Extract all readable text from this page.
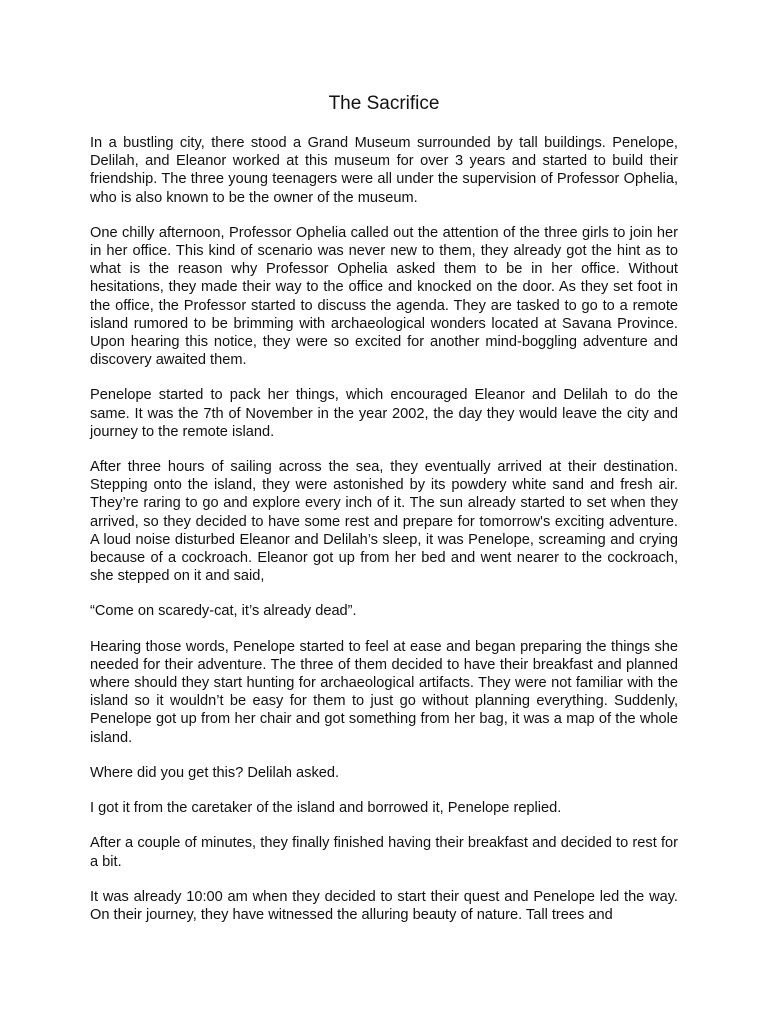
The Sacrifice

In a bustling city, there stood a Grand Museum surrounded by tall buildings. Penelope, Delilah, and Eleanor worked at this museum for over 3 years and started to build their friendship. The three young teenagers were all under the supervision of Professor Ophelia, who is also known to be the owner of the museum.

One chilly afternoon, Professor Ophelia called out the attention of the three girls to join her in her office. This kind of scenario was never new to them, they already got the hint as to what is the reason why Professor Ophelia asked them to be in her office. Without hesitations, they made their way to the office and knocked on the door. As they set foot in the office, the Professor started to discuss the agenda. They are tasked to go to a remote island rumored to be brimming with archaeological wonders located at Savana Province. Upon hearing this notice, they were so excited for another mind-boggling adventure and discovery awaited them.

Penelope started to pack her things, which encouraged Eleanor and Delilah to do the same. It was the 7th of November in the year 2002, the day they would leave the city and journey to the remote island.

After three hours of sailing across the sea, they eventually arrived at their destination. Stepping onto the island, they were astonished by its powdery white sand and fresh air. They’re raring to go and explore every inch of it. The sun already started to set when they arrived, so they decided to have some rest and prepare for tomorrow's exciting adventure. A loud noise disturbed Eleanor and Delilah’s sleep, it was Penelope, screaming and crying because of a cockroach. Eleanor got up from her bed and went nearer to the cockroach, she stepped on it and said,

“Come on scaredy-cat, it’s already dead”.

Hearing those words, Penelope started to feel at ease and began preparing the things she needed for their adventure. The three of them decided to have their breakfast and planned where should they start hunting for archaeological artifacts. They were not familiar with the island so it wouldn’t be easy for them to just go without planning everything. Suddenly, Penelope got up from her chair and got something from her bag, it was a map of the whole island.

Where did you get this? Delilah asked.

I got it from the caretaker of the island and borrowed it, Penelope replied.

After a couple of minutes, they finally finished having their breakfast and decided to rest for a bit.

It was already 10:00 am when they decided to start their quest and Penelope led the way. On their journey, they have witnessed the alluring beauty of nature. Tall trees and
